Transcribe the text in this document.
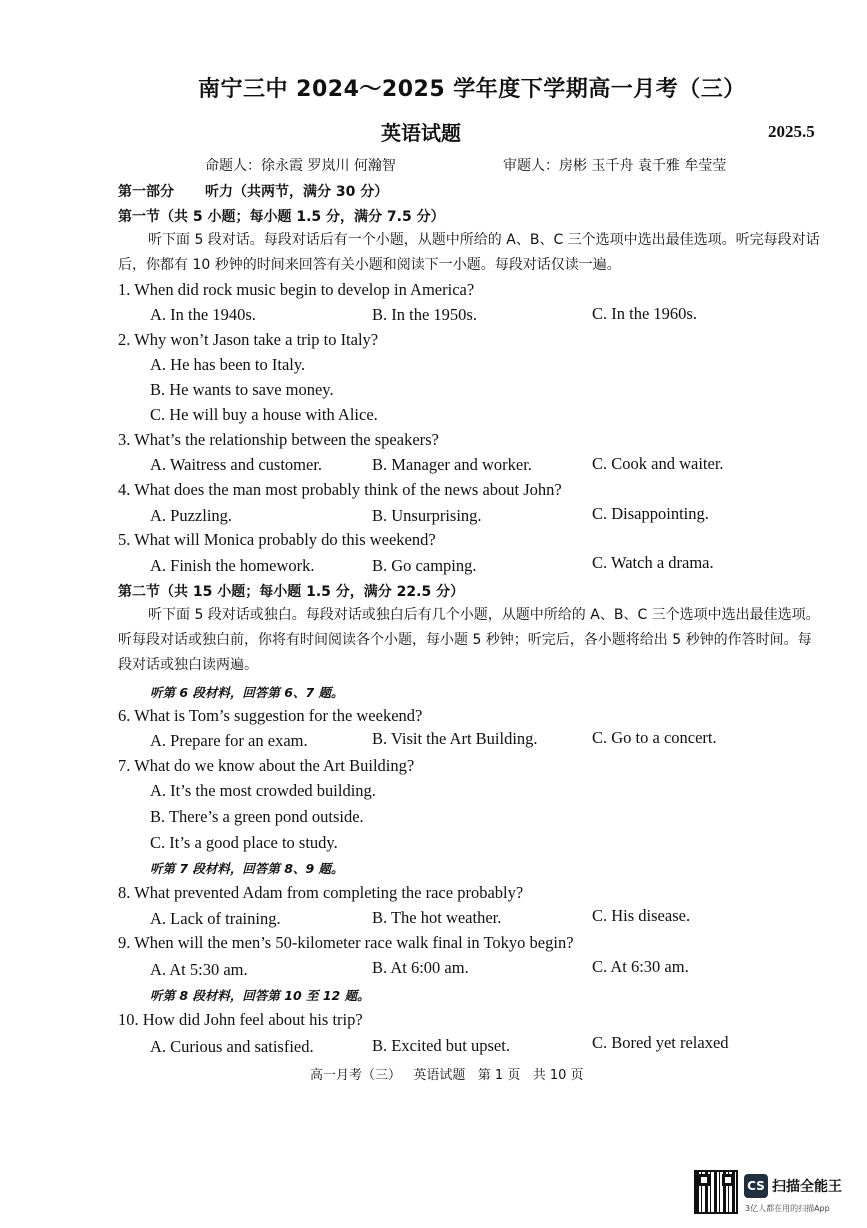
南宁三中 2024～2025 学年度下学期高一月考（三）
英语试题	2025.5
命题人：徐永霞 罗岚川 何瀚智	审题人：房彬 玉千舟 袁千雅 牟莹莹
第一部分 听力（共两节，满分 30 分）
第一节（共 5 小题；每小题 1.5 分，满分 7.5 分）
听下面 5 段对话。每段对话后有一个小题，从题中所给的 A、B、C 三个选项中选出最佳选项。听完每段对话后，你都有 10 秒钟的时间来回答有关小题和阅读下一小题。每段对话仅读一遍。
1. When did rock music begin to develop in America?
A. In the 1940s.	B. In the 1950s.	C. In the 1960s.
2. Why won’t Jason take a trip to Italy?
A. He has been to Italy.
B. He wants to save money.
C. He will buy a house with Alice.
3. What’s the relationship between the speakers?
A. Waitress and customer.	B. Manager and worker.	C. Cook and waiter.
4. What does the man most probably think of the news about John?
A. Puzzling.	B. Unsurprising.	C. Disappointing.
5. What will Monica probably do this weekend?
A. Finish the homework.	B. Go camping.	C. Watch a drama.
第二节（共 15 小题；每小题 1.5 分，满分 22.5 分）
听下面 5 段对话或独白。每段对话或独白后有几个小题，从题中所给的 A、B、C 三个选项中选出最佳选项。听每段对话或独白前，你将有时间阅读各个小题，每小题 5 秒钟；听完后，各小题将给出 5 秒钟的作答时间。每段对话或独白读两遍。
听第 6 段材料，回答第 6、7 题。
6. What is Tom’s suggestion for the weekend?
A. Prepare for an exam.	B. Visit the Art Building.	C. Go to a concert.
7. What do we know about the Art Building?
A. It’s the most crowded building.
B. There’s a green pond outside.
C. It’s a good place to study.
听第 7 段材料，回答第 8、9 题。
8. What prevented Adam from completing the race probably?
A. Lack of training.	B. The hot weather.	C. His disease.
9. When will the men’s 50-kilometer race walk final in Tokyo begin?
A. At 5:30 am.	B. At 6:00 am.	C. At 6:30 am.
听第 8 段材料，回答第 10 至 12 题。
10. How did John feel about his trip?
A. Curious and satisfied.	B. Excited but upset.	C. Bored yet relaxed
高一月考（三）   英语试题   第 1 页   共 10 页
CS 扫描全能王
3亿人都在用的扫描App
